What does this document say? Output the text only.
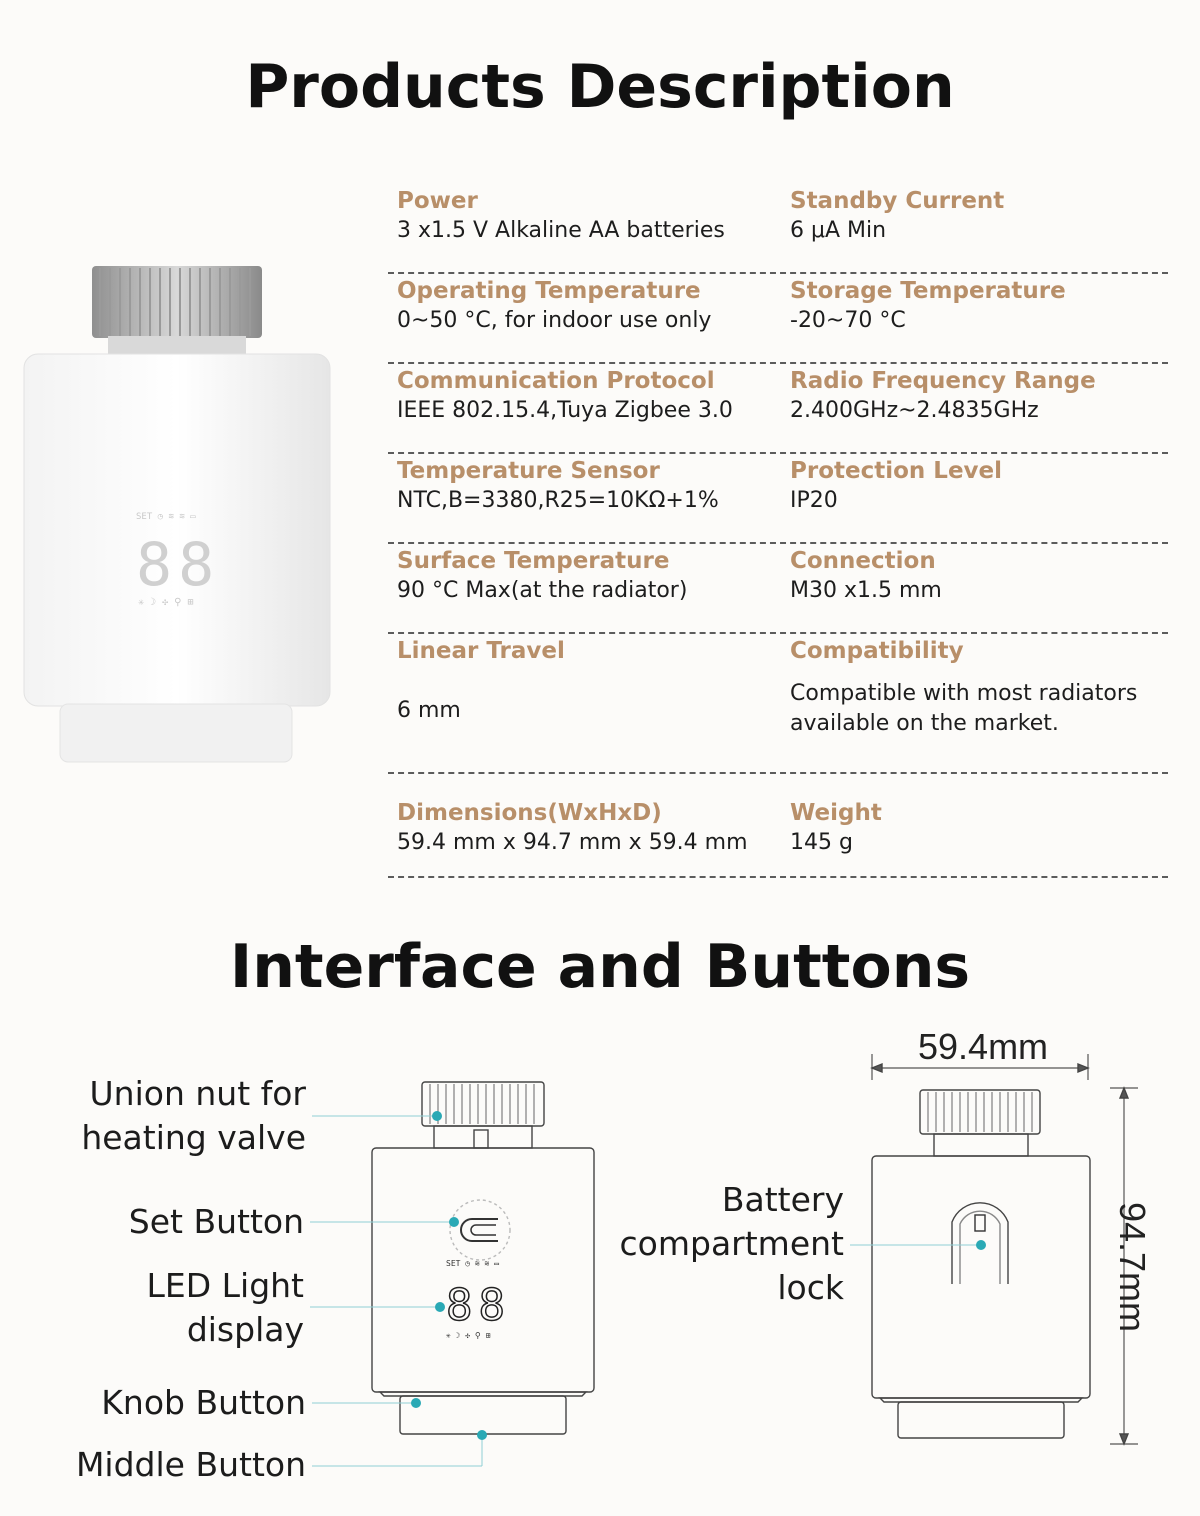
Products Description
Interface and Buttons
SET ◷ ≋ ≋ ▭
88
✳ ☽ ✣ ⚲ ⊞
Power
3 x1.5 V Alkaline AA batteries
Standby Current
6 μA Min
Operating Temperature
0~50 °C, for indoor use only
Storage Temperature
-20~70 °C
Communication Protocol
IEEE 802.15.4,Tuya Zigbee 3.0
Radio Frequency Range
2.400GHz~2.4835GHz
Temperature Sensor
NTC,B=3380,R25=10KΩ+1%
Protection Level
IP20
Surface Temperature
90 °C Max(at the radiator)
Connection
M30 x1.5 mm
Linear Travel
6 mm
Compatibility
Compatible with most radiators
available on the market.
Dimensions(WxHxD)
59.4 mm x 94.7 mm x 59.4 mm
Weight
145 g
SET ◷ ≋ ≋ ▭
88
✳ ☽ ✣ ⚲ ⊞
Union nut for
heating valve
Set Button
LED Light
display
Knob Button
Middle Button
Battery
compartment
lock
59.4mm
94.7mm
